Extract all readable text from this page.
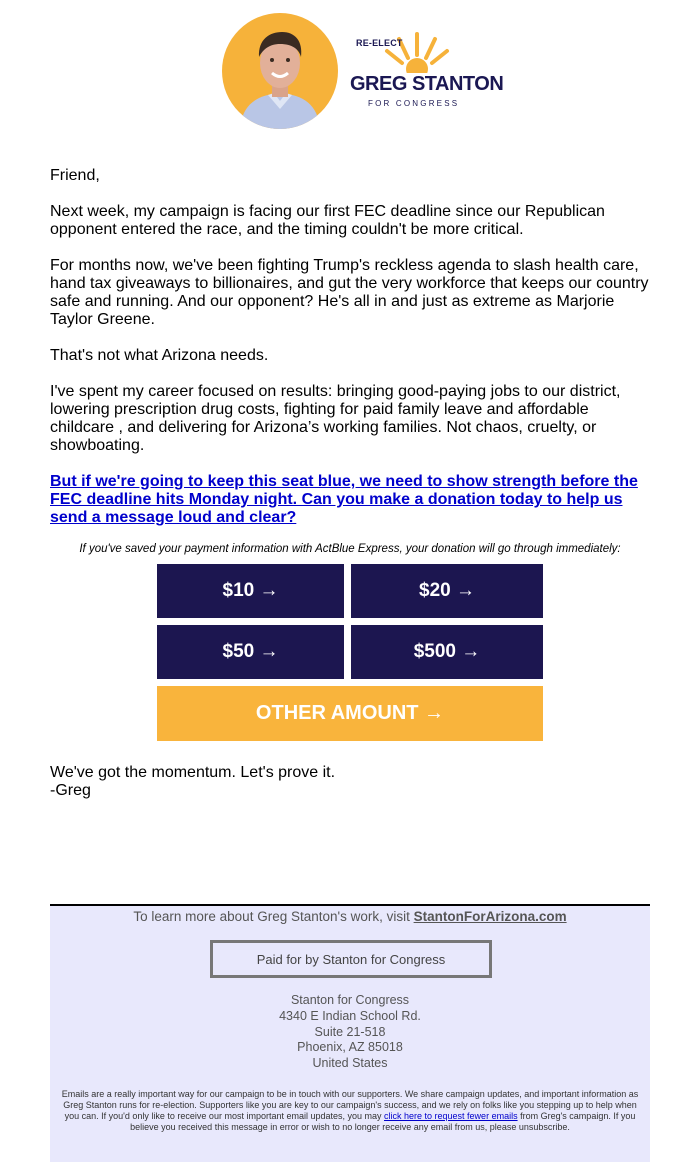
RE-ELECT
GREG STANTON
FOR CONGRESS

Friend,

Next week, my campaign is facing our first FEC deadline since our Republican opponent entered the race, and the timing couldn't be more critical.

For months now, we've been fighting Trump's reckless agenda to slash health care, hand tax giveaways to billionaires, and gut the very workforce that keeps our country safe and running. And our opponent? He's all in and just as extreme as Marjorie Taylor Greene.

That's not what Arizona needs.

I've spent my career focused on results: bringing good-paying jobs to our district, lowering prescription drug costs, fighting for paid family leave and affordable childcare , and delivering for Arizona’s working families. Not chaos, cruelty, or showboating.

But if we're going to keep this seat blue, we need to show strength before the FEC deadline hits Monday night. Can you make a donation today to help us send a message loud and clear?

If you've saved your payment information with ActBlue Express, your donation will go through immediately:
$10 →	$20 →
$50 →	$500 →
OTHER AMOUNT →
We've got the momentum. Let's prove it.
-Greg
To learn more about Greg Stanton's work, visit StantonForArizona.com
Paid for by Stanton for Congress
Stanton for Congress
4340 E Indian School Rd.
Suite 21-518
Phoenix, AZ 85018
United States
Emails are a really important way for our campaign to be in touch with our supporters. We share campaign updates, and important information as Greg Stanton runs for re-election. Supporters like you are key to our campaign's success, and we rely on folks like you stepping up to help when you can. If you'd only like to receive our most important email updates, you may click here to request fewer emails from Greg's campaign. If you believe you received this message in error or wish to no longer receive any email from us, please unsubscribe.
